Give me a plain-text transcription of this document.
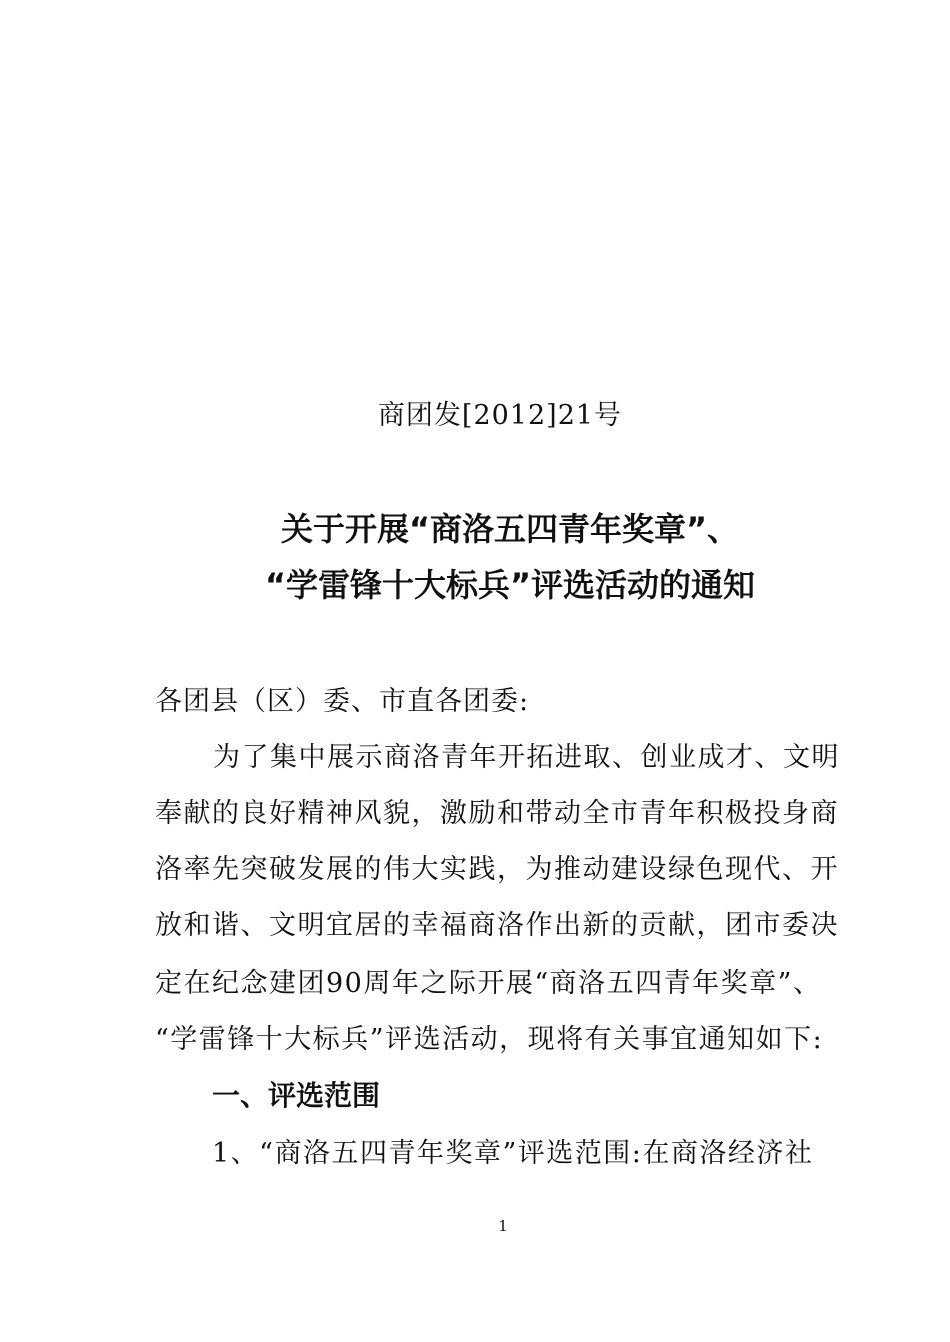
商团发[2012]21号
关于开展“商洛五四青年奖章”、
“学雷锋十大标兵”评选活动的通知
各团县（区）委、市直各团委:
为了集中展示商洛青年开拓进取、创业成才、文明
奉献的良好精神风貌，激励和带动全市青年积极投身商
洛率先突破发展的伟大实践，为推动建设绿色现代、开
放和谐、文明宜居的幸福商洛作出新的贡献，团市委决
定在纪念建团90周年之际开展“商洛五四青年奖章”、
“学雷锋十大标兵”评选活动，现将有关事宜通知如下:
一、评选范围
1、“商洛五四青年奖章”评选范围:在商洛经济社
1
